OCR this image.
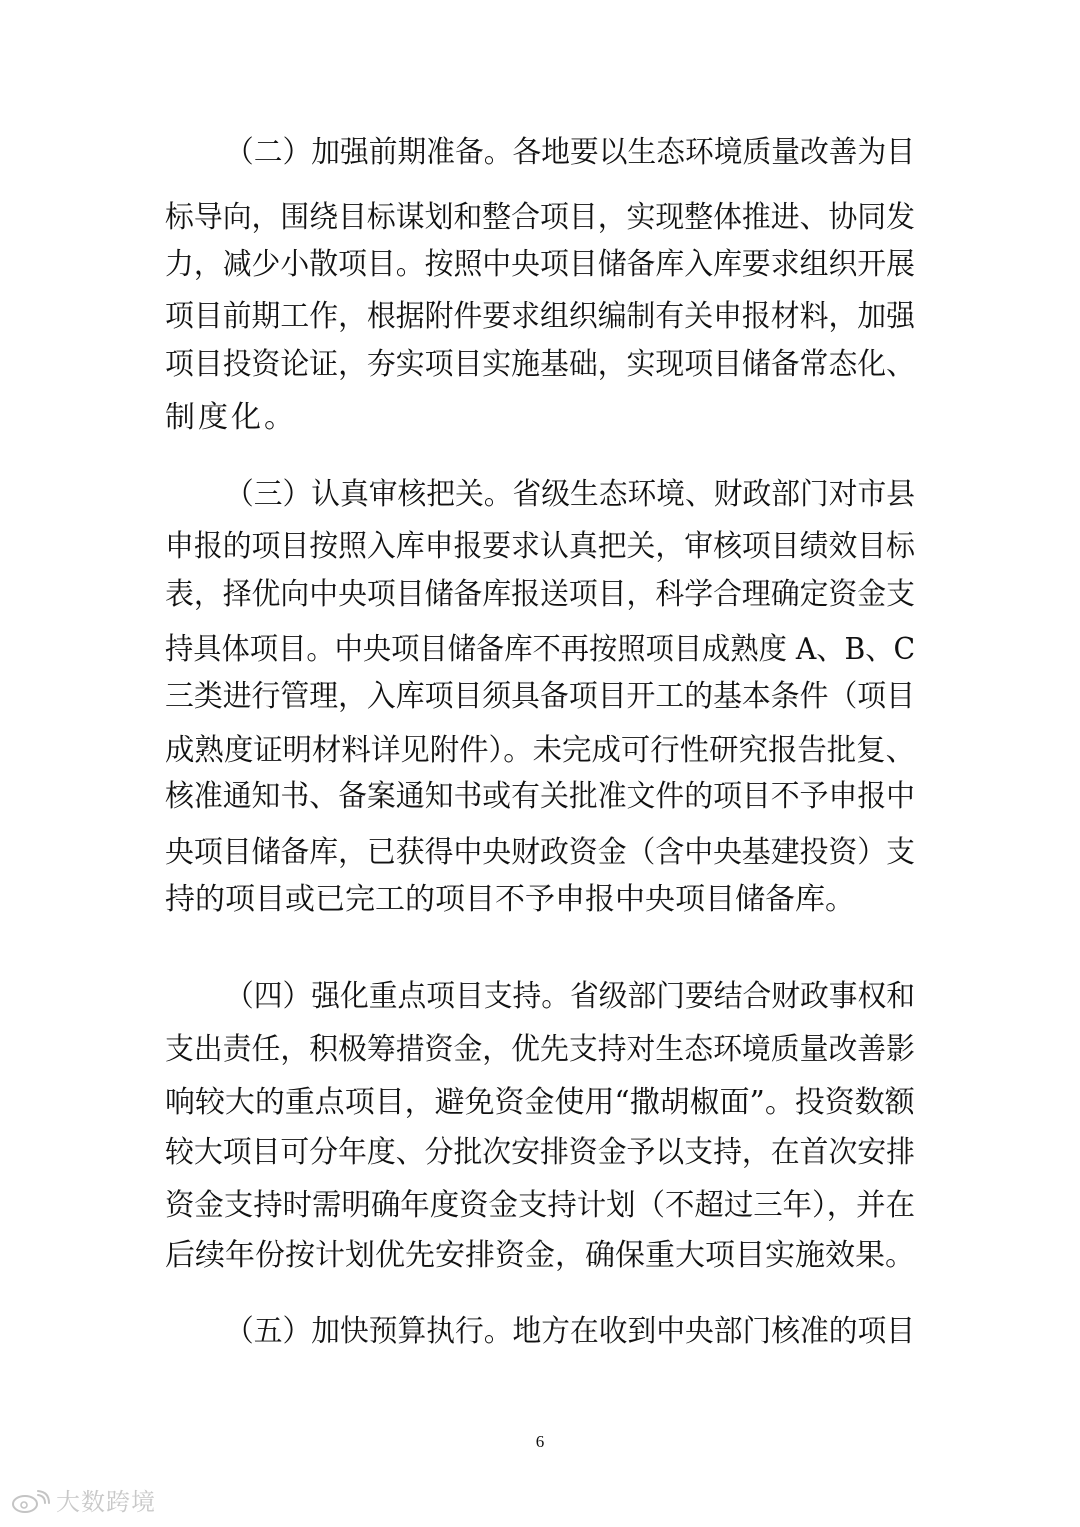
（二）加强前期准备。各地要以生态环境质量改善为目
标导向，围绕目标谋划和整合项目，实现整体推进、协同发
力，减少小散项目。按照中央项目储备库入库要求组织开展
项目前期工作，根据附件要求组织编制有关申报材料，加强
项目投资论证，夯实项目实施基础，实现项目储备常态化、
制度化。
（三）认真审核把关。省级生态环境、财政部门对市县
申报的项目按照入库申报要求认真把关，审核项目绩效目标
表，择优向中央项目储备库报送项目，科学合理确定资金支
持具体项目。中央项目储备库不再按照项目成熟度 A、B、C
三类进行管理，入库项目须具备项目开工的基本条件（项目
成熟度证明材料详见附件）。未完成可行性研究报告批复、
核准通知书、备案通知书或有关批准文件的项目不予申报中
央项目储备库，已获得中央财政资金（含中央基建投资）支
持的项目或已完工的项目不予申报中央项目储备库。
（四）强化重点项目支持。省级部门要结合财政事权和
支出责任，积极筹措资金，优先支持对生态环境质量改善影
响较大的重点项目，避免资金使用“撒胡椒面”。投资数额
较大项目可分年度、分批次安排资金予以支持，在首次安排
资金支持时需明确年度资金支持计划（不超过三年），并在
后续年份按计划优先安排资金，确保重大项目实施效果。
（五）加快预算执行。地方在收到中央部门核准的项目
6
大数跨境
